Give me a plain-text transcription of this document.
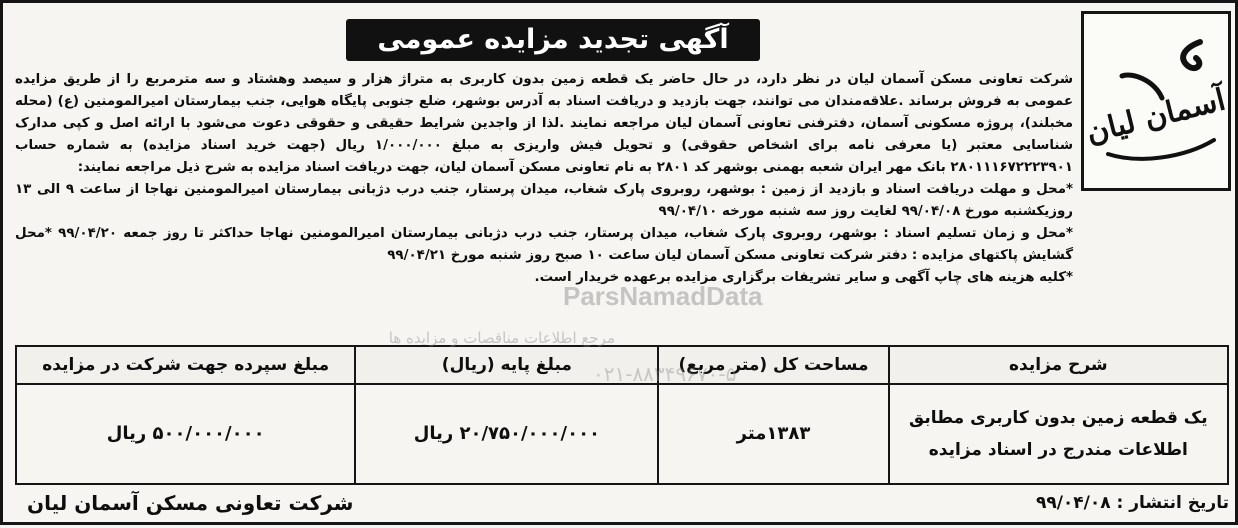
آسمان لیان
آگهی تجدید مزایده عمومی

شرکت تعاونی مسکن آسمان لیان در نظر دارد، در حال حاضر یک قطعه زمین بدون کاربری به متراژ هزار و سیصد وهشتاد و سه مترمربع را از طریق مزایده عمومی به فروش برساند .علاقه‌مندان می توانند، جهت بازدید و دریافت اسناد به آدرس بوشهر، ضلع جنوبی پایگاه هوایی، جنب بیمارستان امیرالمومنین (ع) (محله مخبلند)، پروژه مسکونی آسمان، دفترفنی تعاونی آسمان لیان مراجعه نمایند .لذا از واجدین شرایط حقیقی و حقوقی دعوت می‌شود با ارائه اصل و کپی مدارک شناسایی معتبر (یا معرفی نامه برای اشخاص حقوقی) و تحویل فیش واریزی به مبلغ ۱/۰۰۰/۰۰۰ ریال (جهت خرید اسناد مزایده) به شماره حساب ۲۸۰۱۱۱۶۷۲۲۲۳۹۰۱ بانک مهر ایران شعبه بهمنی بوشهر کد ۲۸۰۱ به نام تعاونی مسکن آسمان لیان، جهت دریافت اسناد مزایده به شرح ذیل مراجعه نمایند:

*محل و مهلت دریافت اسناد و بازدید از زمین : بوشهر، روبروی پارک شغاب، میدان پرستار، جنب درب دژبانی بیمارستان امیرالمومنین نهاجا از ساعت ۹ الی ۱۳ روزیکشنبه مورخ ۹۹/۰۴/۰۸ لغایت روز سه شنبه مورخه ۹۹/۰۴/۱۰

*محل و زمان تسلیم اسناد : بوشهر، روبروی پارک شغاب، میدان پرستار، جنب درب دژبانی بیمارستان امیرالمومنین نهاجا حداکثر تا روز جمعه ۹۹/۰۴/۲۰ *محل گشایش پاکتهای مزایده : دفتر شرکت تعاونی مسکن آسمان لیان ساعت ۱۰ صبح روز شنبه مورخ ۹۹/۰۴/۲۱

*کلیه هزینه های چاپ آگهی و سایر تشریفات برگزاری مزایده برعهده خریدار است.

شرح مزایده	مساحت کل (متر مربع)	مبلغ پایه (ریال)	مبلغ سپرده جهت شرکت در مزایده

یک قطعه زمین بدون کاربری مطابق
اطلاعات مندرج در اسناد مزایده	۱۳۸۳متر	۲۰/۷۵۰/۰۰۰/۰۰۰ ریال	۵۰۰/۰۰۰/۰۰۰ ریال
تاریخ انتشار : ۹۹/۰۴/۰۸
شرکت تعاونی مسکن آسمان لیان
ParsNamadData
مرجع اطلاعات مناقصات و مزایده ها
۰۲۱-۸۸۳۴۹۶۷۰-۵
